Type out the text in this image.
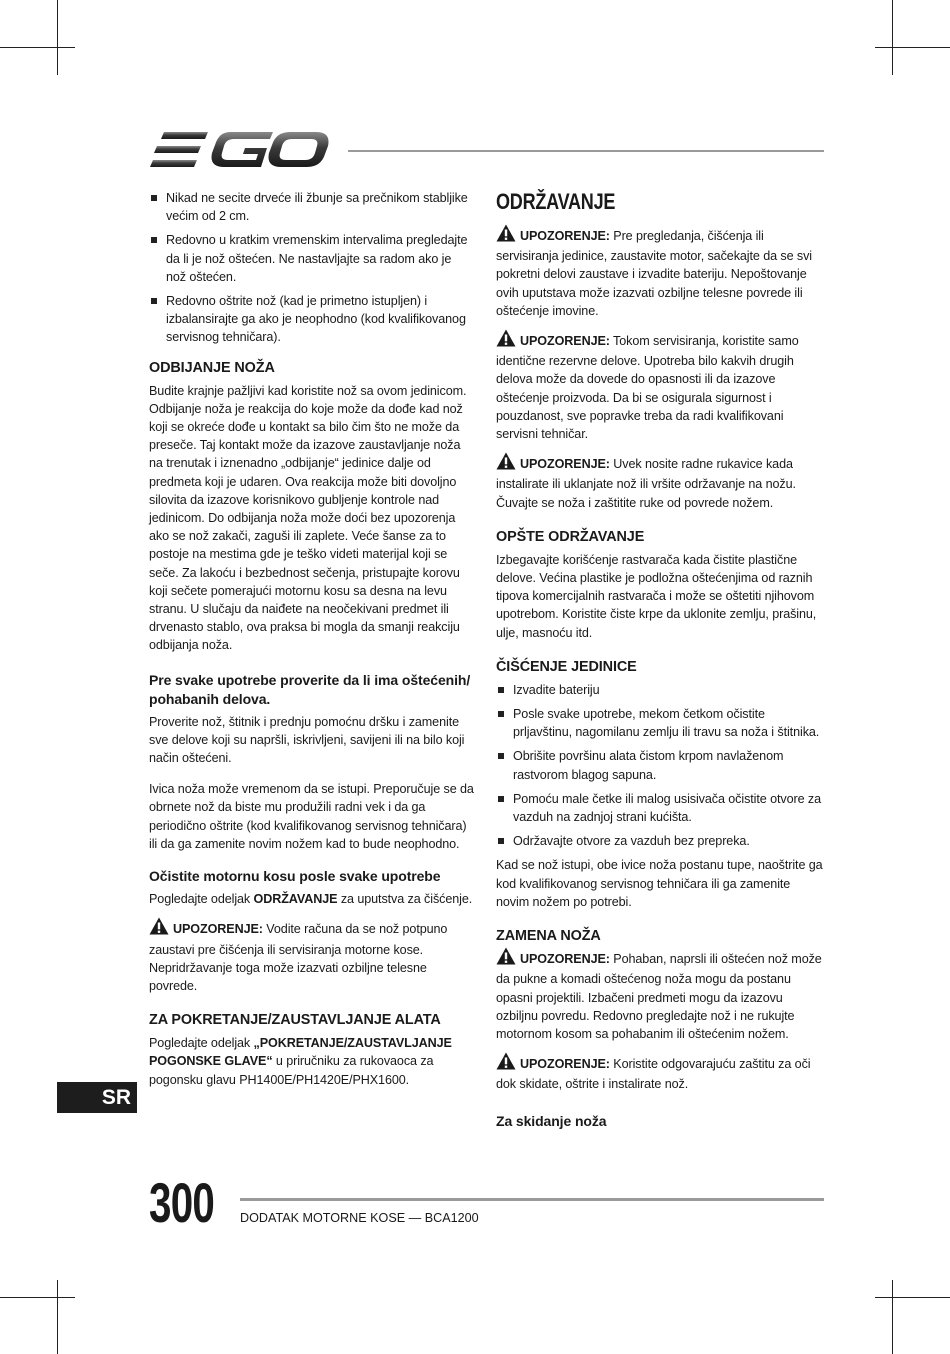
Nikad ne secite drveće ili žbunje sa prečnikom stabljike većim od 2 cm.
Redovno u kratkim vremenskim intervalima pregledajte da li je nož oštećen. Ne nastavljajte sa radom ako je nož oštećen.
Redovno oštrite nož (kad je primetno istupljen) i izbalansirajte ga ako je neophodno (kod kvalifikovanog servisnog tehničara).
ODBIJANJE NOŽA

Budite krajnje pažljivi kad koristite nož sa ovom jedinicom. Odbijanje noža je reakcija do koje može da dođe kad nož koji se okreće dođe u kontakt sa bilo čim što ne može da preseče. Taj kontakt može da izazove zaustavljanje noža na trenutak i iznenadno „odbijanje“ jedinice dalje od predmeta koji je udaren. Ova reakcija može biti dovoljno silovita da izazove korisnikovo gubljenje kontrole nad jedinicom. Do odbijanja noža može doći bez upozorenja ako se nož zakači, zaguši ili zaplete. Veće šanse za to postoje na mestima gde je teško videti materijal koji se seče. Za lakoću i bezbednost sečenja, pristupajte korovu koji sečete pomerajući motornu kosu sa desna na levu stranu. U slučaju da naiđete na neočekivani predmet ili drvenasto stablo, ova praksa bi mogla da smanji reakciju odbijanja noža.

Pre svake upotrebe proverite da li ima oštećenih/ pohabanih delova.

Proverite nož, štitnik i prednju pomoćnu dršku i zamenite sve delove koji su napršli, iskrivljeni, savijeni ili na bilo koji način oštećeni.

Ivica noža može vremenom da se istupi. Preporučuje se da obrnete nož da biste mu produžili radni vek i da ga periodično oštrite (kod kvalifikovanog servisnog tehničara) ili da ga zamenite novim nožem kad to bude neophodno.

Očistite motornu kosu posle svake upotrebe

Pogledajte odeljak ODRŽAVANJE za uputstva za čišćenje.

UPOZORENJE: Vodite računa da se nož potpuno zaustavi pre čišćenja ili servisiranja motorne kose. Nepridržavanje toga može izazvati ozbiljne telesne povrede.

ZA POKRETANJE/ZAUSTAVLJANJE ALATA

Pogledajte odeljak „POKRETANJE/ZAUSTAVLJANJE POGONSKE GLAVE“ u priručniku za rukovaoca za pogonsku glavu PH1400E/PH1420E/PHX1600.

ODRŽAVANJE

UPOZORENJE: Pre pregledanja, čišćenja ili servisiranja jedinice, zaustavite motor, sačekajte da se svi pokretni delovi zaustave i izvadite bateriju. Nepoštovanje ovih uputstava može izazvati ozbiljne telesne povrede ili oštećenje imovine.

UPOZORENJE: Tokom servisiranja, koristite samo identične rezervne delove. Upotreba bilo kakvih drugih delova može da dovede do opasnosti ili da izazove oštećenje proizvoda. Da bi se osigurala sigurnost i pouzdanost, sve popravke treba da radi kvalifikovani servisni tehničar.

UPOZORENJE: Uvek nosite radne rukavice kada instalirate ili uklanjate nož ili vršite održavanje na nožu. Čuvajte se noža i zaštitite ruke od povrede nožem.

OPŠTE ODRŽAVANJE

Izbegavajte korišćenje rastvarača kada čistite plastične delove. Većina plastike je podložna oštećenjima od raznih tipova komercijalnih rastvarača i može se oštetiti njihovom upotrebom. Koristite čiste krpe da uklonite zemlju, prašinu, ulje, masnoću itd.

ČIŠĆENJE JEDINICE
Izvadite bateriju
Posle svake upotrebe, mekom četkom očistite prljavštinu, nagomilanu zemlju ili travu sa noža i štitnika.
Obrišite površinu alata čistom krpom navlaženom rastvorom blagog sapuna.
Pomoću male četke ili malog usisivača očistite otvore za vazduh na zadnjoj strani kućišta.
Održavajte otvore za vazduh bez prepreka.

Kad se nož istupi, obe ivice noža postanu tupe, naoštrite ga kod kvalifikovanog servisnog tehničara ili ga zamenite novim nožem po potrebi.

ZAMENA NOŽA

UPOZORENJE: Pohaban, naprsli ili oštećen nož može da pukne a komadi oštećenog noža mogu da postanu opasni projektili. Izbačeni predmeti mogu da izazovu ozbiljnu povredu. Redovno pregledajte nož i ne rukujte motornom kosom sa pohabanim ili oštećenim nožem.

UPOZORENJE: Koristite odgovarajuću zaštitu za oči dok skidate, oštrite i instalirate nož.

Za skidanje noža
SR
300 DODATAK MOTORNE KOSE — BCA1200
